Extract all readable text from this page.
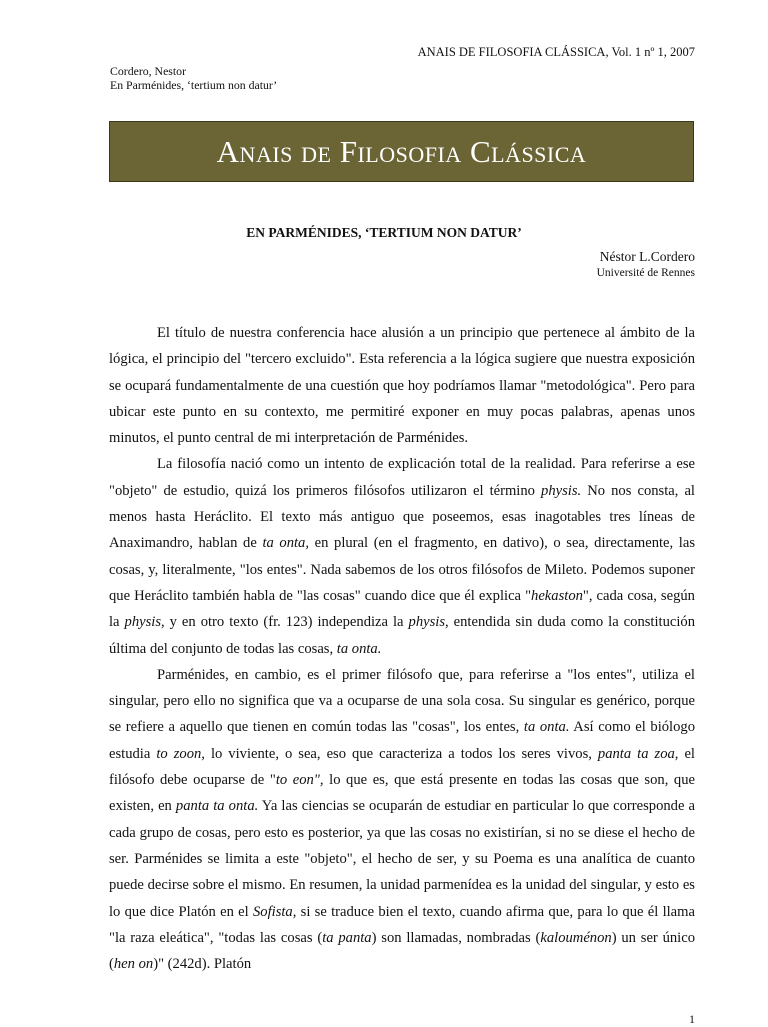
ANAIS DE FILOSOFIA CLÁSSICA, Vol. 1 nº 1, 2007
Cordero, Nestor
En Parménides, ‘tertium non datur’
Anais de Filosofia Clássica
EN PARMÉNIDES, ‘TERTIUM NON DATUR’
Néstor L.Cordero
Université de Rennes

El título de nuestra conferencia hace alusión a un principio que pertenece al ámbito de la lógica, el principio del "tercero excluido". Esta referencia a la lógica sugiere que nuestra exposición se ocupará fundamentalmente de una cuestión que hoy podríamos llamar "metodológica". Pero para ubicar este punto en su contexto, me permitiré exponer en muy pocas palabras, apenas unos minutos, el punto central de mi interpretación de Parménides.

La filosofía nació como un intento de explicación total de la realidad. Para referirse a ese "objeto" de estudio, quizá los primeros filósofos utilizaron el término physis. No nos consta, al menos hasta Heráclito. El texto más antiguo que poseemos, esas inagotables tres líneas de Anaximandro, hablan de ta onta, en plural (en el fragmento, en dativo), o sea, directamente, las cosas, y, literalmente, "los entes". Nada sabemos de los otros filósofos de Mileto. Podemos suponer que Heráclito también habla de "las cosas" cuando dice que él explica "hekaston", cada cosa, según la physis, y en otro texto (fr. 123) independiza la physis, entendida sin duda como la constitución última del conjunto de todas las cosas, ta onta.

Parménides, en cambio, es el primer filósofo que, para referirse a "los entes", utiliza el singular, pero ello no significa que va a ocuparse de una sola cosa. Su singular es genérico, porque se refiere a aquello que tienen en común todas las "cosas", los entes, ta onta. Así como el biólogo estudia to zoon, lo viviente, o sea, eso que caracteriza a todos los seres vivos, panta ta zoa, el filósofo debe ocuparse de "to eon", lo que es, que está presente en todas las cosas que son, que existen, en panta ta onta. Ya las ciencias se ocuparán de estudiar en particular lo que corresponde a cada grupo de cosas, pero esto es posterior, ya que las cosas no existirían, si no se diese el hecho de ser. Parménides se limita a este "objeto", el hecho de ser, y su Poema es una analítica de cuanto puede decirse sobre el mismo. En resumen, la unidad parmenídea es la unidad del singular, y esto es lo que dice Platón en el Sofista, si se traduce bien el texto, cuando afirma que, para lo que él llama "la raza eleática", "todas las cosas (ta panta) son llamadas, nombradas (kalouménon) un ser único (hen on)" (242d). Platón

1
